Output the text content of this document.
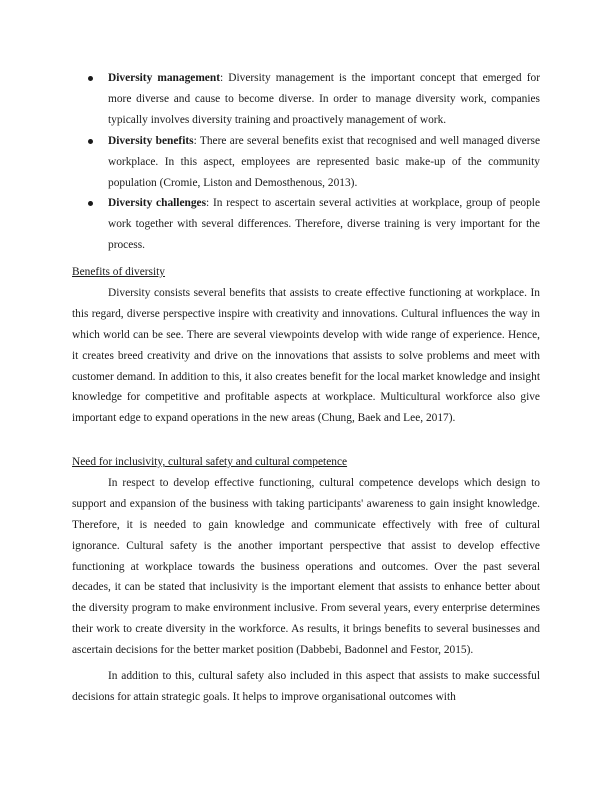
Diversity management: Diversity management is the important concept that emerged for more diverse and cause to become diverse. In order to manage diversity work, companies typically involves diversity training and proactively management of work.
Diversity benefits: There are several benefits exist that recognised and well managed diverse workplace. In this aspect, employees are represented basic make-up of the community population (Cromie, Liston and Demosthenous, 2013).
Diversity challenges: In respect to ascertain several activities at workplace, group of people work together with several differences. Therefore, diverse training is very important for the process.

Benefits of diversity

Diversity consists several benefits that assists to create effective functioning at workplace. In this regard, diverse perspective inspire with creativity and innovations. Cultural influences the way in which world can be see. There are several viewpoints develop with wide range of experience. Hence, it creates breed creativity and drive on the innovations that assists to solve problems and meet with customer demand. In addition to this, it also creates benefit for the local market knowledge and insight knowledge for competitive and profitable aspects at workplace. Multicultural workforce also give important edge to expand operations in the new areas (Chung, Baek and Lee, 2017).

Need for inclusivity, cultural safety and cultural competence

In respect to develop effective functioning, cultural competence develops which design to support and expansion of the business with taking participants' awareness to gain insight knowledge. Therefore, it is needed to gain knowledge and communicate effectively with free of cultural ignorance. Cultural safety is the another important perspective that assist to develop effective functioning at workplace towards the business operations and outcomes. Over the past several decades, it can be stated that inclusivity is the important element that assists to enhance better about the diversity program to make environment inclusive. From several years, every enterprise determines their work to create diversity in the workforce. As results, it brings benefits to several businesses and ascertain decisions for the better market position (Dabbebi, Badonnel and Festor, 2015).

In addition to this, cultural safety also included in this aspect that assists to make successful decisions for attain strategic goals. It helps to improve organisational outcomes with
